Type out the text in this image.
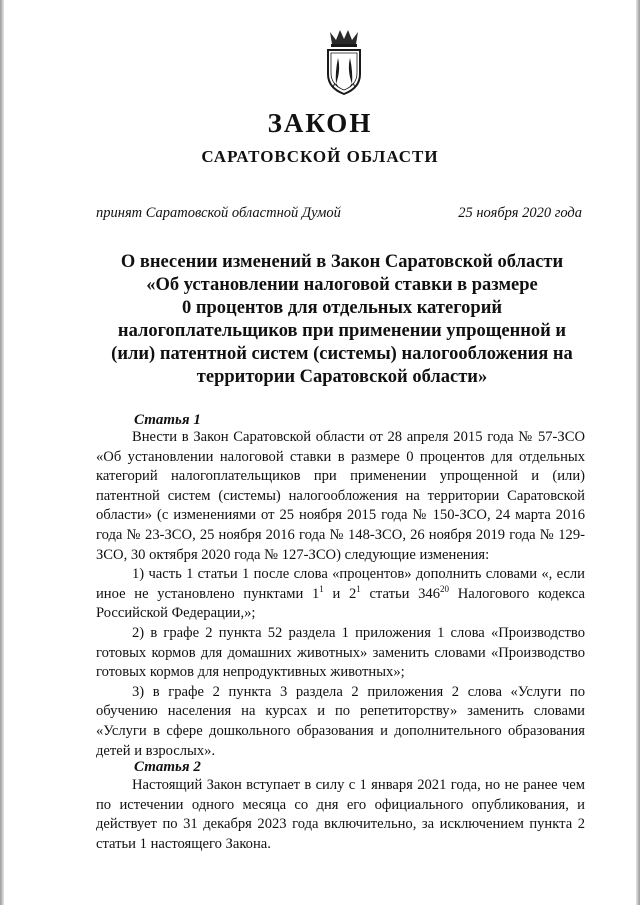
ЗАКОН
САРАТОВСКОЙ ОБЛАСТИ
принят Саратовской областной Думой	25 ноября 2020 года
О внесении изменений в Закон Саратовской области
«Об установлении налоговой ставки в размере
0 процентов для отдельных категорий
налогоплательщиков при применении упрощенной и
(или) патентной систем (системы) налогообложения на
территории Саратовской области»
Статья 1

Внести в Закон Саратовской области от 28 апреля 2015 года № 57-ЗСО «Об установлении налоговой ставки в размере 0 процентов для отдельных категорий налогоплательщиков при применении упрощенной и (или) патентной систем (системы) налогообложения на территории Саратовской области» (с изменениями от 25 ноября 2015 года № 150-ЗСО, 24 марта 2016 года № 23-ЗСО, 25 ноября 2016 года № 148-ЗСО, 26 ноября 2019 года № 129-ЗСО, 30 октября 2020 года № 127-ЗСО) следующие изменения:

1) часть 1 статьи 1 после слова «процентов» дополнить словами «, если иное не установлено пунктами $1^1$ и $2^1$ статьи $346^{20}$ Налогового кодекса Российской Федерации,»;

2) в графе 2 пункта 52 раздела 1 приложения 1 слова «Производство готовых кормов для домашних животных» заменить словами «Производство готовых кормов для непродуктивных животных»;

3) в графе 2 пункта 3 раздела 2 приложения 2 слова «Услуги по обучению населения на курсах и по репетиторству» заменить словами «Услуги в сфере дошкольного образования и дополнительного образования детей и взрослых».

Статья 2

Настоящий Закон вступает в силу с 1 января 2021 года, но не ранее чем по истечении одного месяца со дня его официального опубликования, и действует по 31 декабря 2023 года включительно, за исключением пункта 2 статьи 1 настоящего Закона.
